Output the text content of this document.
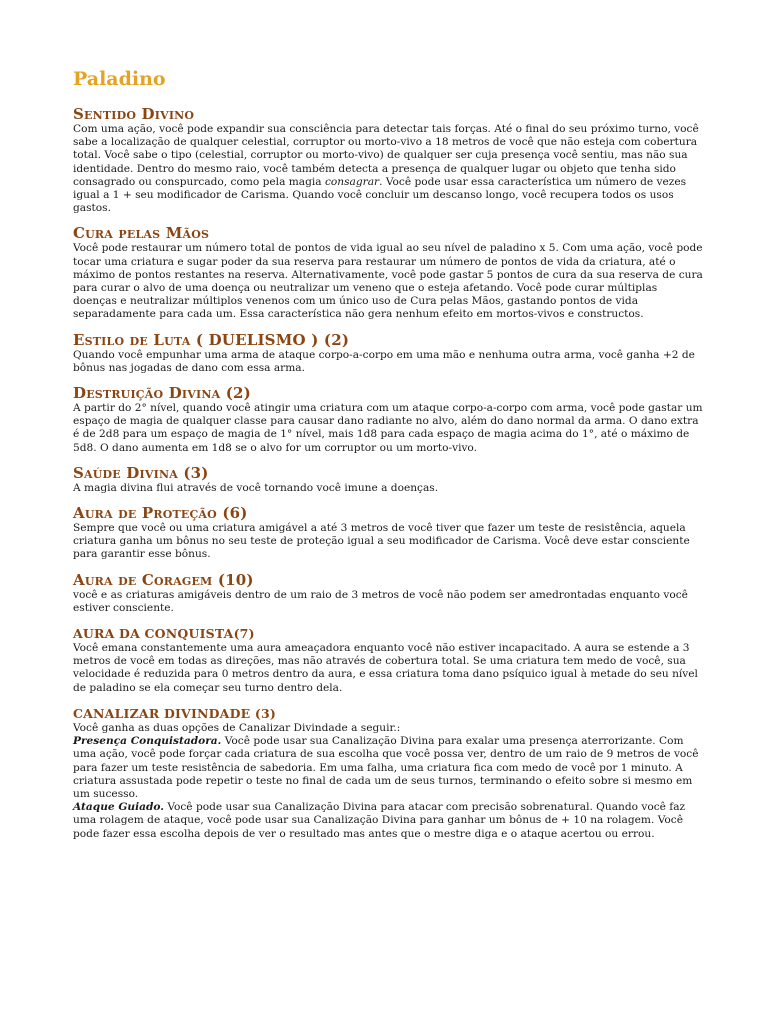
Paladino
Sentido Divino

Com uma ação, você pode expandir sua consciência para detectar tais forças. Até o final do seu próximo turno, você sabe a localização de qualquer celestial, corruptor ou morto-vivo a 18 metros de você que não esteja com cobertura total. Você sabe o tipo (celestial, corruptor ou morto-vivo) de qualquer ser cuja presença você sentiu, mas não sua identidade. Dentro do mesmo raio, você também detecta a presença de qualquer lugar ou objeto que tenha sido consagrado ou conspurcado, como pela magia consagrar. Você pode usar essa característica um número de vezes igual a 1 + seu modificador de Carisma. Quando você concluir um descanso longo, você recupera todos os usos gastos.

Cura pelas Mãos

Você pode restaurar um número total de pontos de vida igual ao seu nível de paladino x 5. Com uma ação, você pode tocar uma criatura e sugar poder da sua reserva para restaurar um número de pontos de vida da criatura, até o máximo de pontos restantes na reserva. Alternativamente, você pode gastar 5 pontos de cura da sua reserva de cura para curar o alvo de uma doença ou neutralizar um veneno que o esteja afetando. Você pode curar múltiplas doenças e neutralizar múltiplos venenos com um único uso de Cura pelas Mãos, gastando pontos de vida separadamente para cada um. Essa característica não gera nenhum efeito em mortos-vivos e constructos.

Estilo de Luta ( DUELISMO ) (2)

Quando você empunhar uma arma de ataque corpo-a-corpo em uma mão e nenhuma outra arma, você ganha +2 de bônus nas jogadas de dano com essa arma.

Destruição Divina (2)

A partir do 2° nível, quando você atingir uma criatura com um ataque corpo-a-corpo com arma, você pode gastar um espaço de magia de qualquer classe para causar dano radiante no alvo, além do dano normal da arma. O dano extra é de 2d8 para um espaço de magia de 1° nível, mais 1d8 para cada espaço de magia acima do 1°, até o máximo de 5d8. O dano aumenta em 1d8 se o alvo for um corruptor ou um morto-vivo.

Saúde Divina (3)

A magia divina flui através de você tornando você imune a doenças.

Aura de Proteção (6)

Sempre que você ou uma criatura amigável a até 3 metros de você tiver que fazer um teste de resistência, aquela criatura ganha um bônus no seu teste de proteção igual a seu modificador de Carisma. Você deve estar consciente para garantir esse bônus.

Aura de Coragem (10)

você e as criaturas amigáveis dentro de um raio de 3 metros de você não podem ser amedrontadas enquanto você estiver consciente.

AURA DA CONQUISTA(7)

Você emana constantemente uma aura ameaçadora enquanto você não estiver incapacitado. A aura se estende a 3 metros de você em todas as direções, mas não através de cobertura total. Se uma criatura tem medo de você, sua velocidade é reduzida para 0 metros dentro da aura, e essa criatura toma dano psíquico igual à metade do seu nível de paladino se ela começar seu turno dentro dela.

CANALIZAR DIVINDADE (3)

Você ganha as duas opções de Canalizar Divindade a seguir.:

Presença Conquistadora. Você pode usar sua Canalização Divina para exalar uma presença aterrorizante. Com uma ação, você pode forçar cada criatura de sua escolha que você possa ver, dentro de um raio de 9 metros de você para fazer um teste resistência de sabedoria. Em uma falha, uma criatura fica com medo de você por 1 minuto. A criatura assustada pode repetir o teste no final de cada um de seus turnos, terminando o efeito sobre si mesmo em um sucesso.

Ataque Guiado. Você pode usar sua Canalização Divina para atacar com precisão sobrenatural. Quando você faz uma rolagem de ataque, você pode usar sua Canalização Divina para ganhar um bônus de + 10 na rolagem. Você pode fazer essa escolha depois de ver o resultado mas antes que o mestre diga e o ataque acertou ou errou.
